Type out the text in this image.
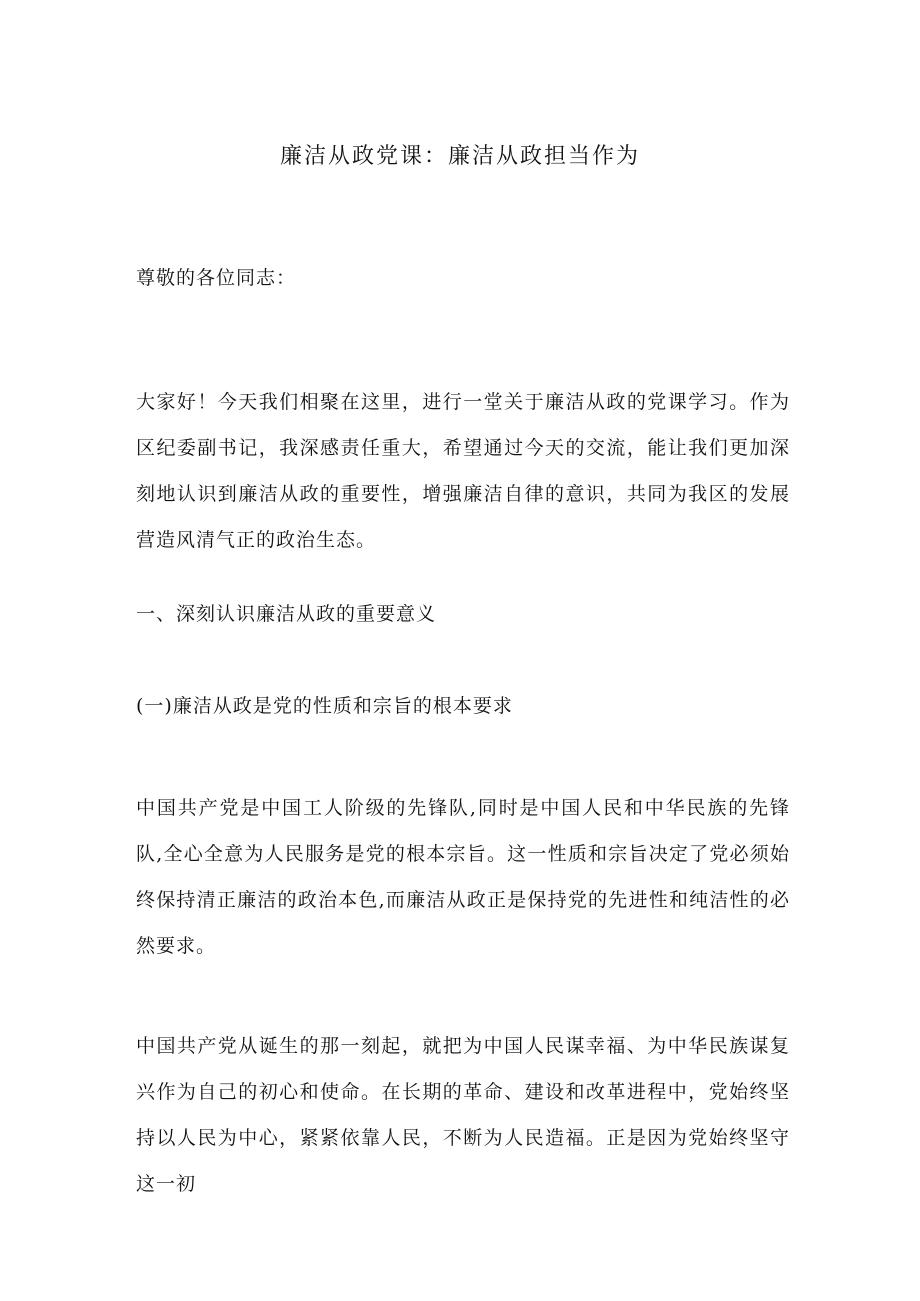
廉洁从政党课：廉洁从政担当作为

尊敬的各位同志：

大家好！今天我们相聚在这里，进行一堂关于廉洁从政的党课学习。作为区纪委副书记，我深感责任重大，希望通过今天的交流，能让我们更加深刻地认识到廉洁从政的重要性，增强廉洁自律的意识，共同为我区的发展营造风清气正的政治生态。

一、深刻认识廉洁从政的重要意义

(一)廉洁从政是党的性质和宗旨的根本要求

中国共产党是中国工人阶级的先锋队,同时是中国人民和中华民族的先锋队,全心全意为人民服务是党的根本宗旨。这一性质和宗旨决定了党必须始终保持清正廉洁的政治本色,而廉洁从政正是保持党的先进性和纯洁性的必然要求。

中国共产党从诞生的那一刻起，就把为中国人民谋幸福、为中华民族谋复兴作为自己的初心和使命。在长期的革命、建设和改革进程中，党始终坚持以人民为中心，紧紧依靠人民，不断为人民造福。正是因为党始终坚守这一初
